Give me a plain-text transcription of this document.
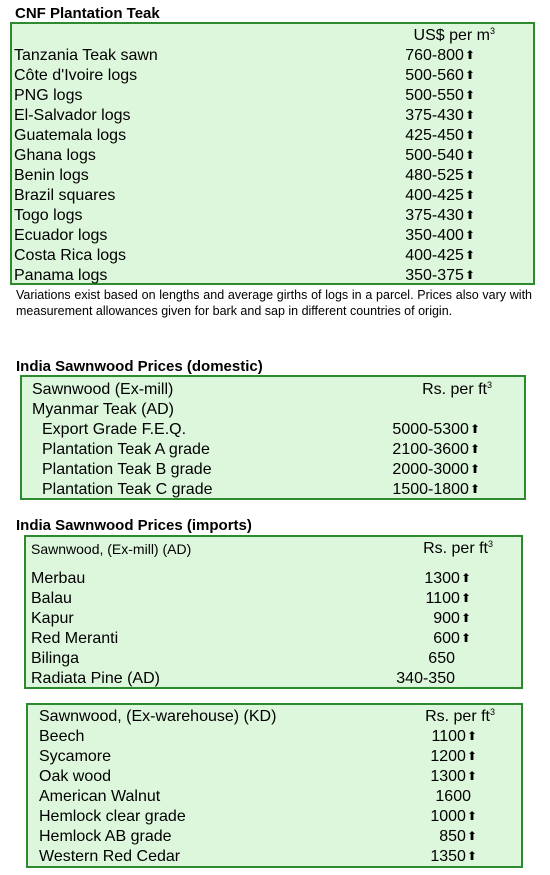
CNF Plantation Teak
US$ per $m^3$
Tanzania Teak sawn	760-800⬆
Côte d'Ivoire logs	500-560⬆
PNG logs	500-550⬆
El-Salvador logs	375-430⬆
Guatemala logs	425-450⬆
Ghana logs	500-540⬆
Benin logs	480-525⬆
Brazil squares	400-425⬆
Togo logs	375-430⬆
Ecuador logs	350-400⬆
Costa Rica logs	400-425⬆
Panama logs	350-375⬆
Variations exist based on lengths and average girths of logs in a parcel. Prices also vary with measurement allowances given for bark and sap in different countries of origin.
India Sawnwood Prices (domestic)
Sawnwood (Ex-mill)	Rs. per $ft^3$
Myanmar Teak (AD)
Export Grade F.E.Q.	5000-5300⬆
Plantation Teak A grade	2100-3600⬆
Plantation Teak B grade	2000-3000⬆
Plantation Teak C grade	1500-1800⬆
India Sawnwood Prices (imports)
Sawnwood, (Ex-mill) (AD)	Rs. per $ft^3$
Merbau	1300⬆
Balau	1100⬆
Kapur	900⬆
Red Meranti	600⬆
Bilinga	650
Radiata Pine (AD)	340-350
Sawnwood, (Ex-warehouse) (KD)	Rs. per $ft^3$
Beech	1100⬆
Sycamore	1200⬆
Oak wood	1300⬆
American Walnut	1600
Hemlock clear grade	1000⬆
Hemlock AB grade	850⬆
Western Red Cedar	1350⬆
